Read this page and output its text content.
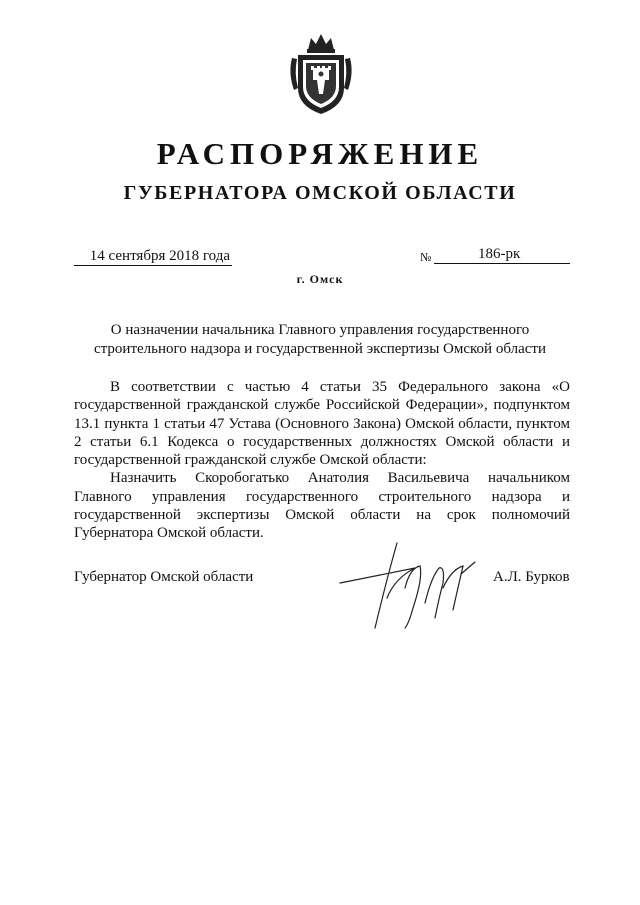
РАСПОРЯЖЕНИЕ
ГУБЕРНАТОРА ОМСКОЙ ОБЛАСТИ
14 сентября 2018 года	№	186-рк
г. Омск
О назначении начальника Главного управления государственного
строительного надзора и государственной экспертизы Омской области

В соответствии с частью 4 статьи 35 Федерального закона «О государственной гражданской службе Российской Федерации», подпунктом 13.1 пункта 1 статьи 47 Устава (Основного Закона) Омской области, пунктом 2 статьи 6.1 Кодекса о государственных должностях Омской области и государственной гражданской службе Омской области:

Назначить Скоробогатько Анатолия Васильевича начальником Главного управления государственного строительного надзора и государственной экспертизы Омской области на срок полномочий Губернатора Омской области.

Губернатор Омской области	А.Л. Бурков
